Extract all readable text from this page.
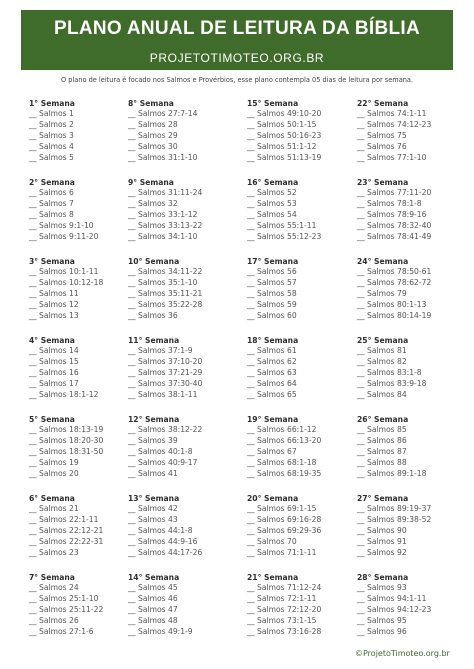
PLANO ANUAL DE LEITURA DA BÍBLIA
PROJETOTIMOTEO.ORG.BR
O plano de leitura é focado nos Salmos e Provérbios, esse plano contempla 05 dias de leitura por semana.
1° Semana
__ Salmos 1
__ Salmos 2
__ Salmos 3
__ Salmos 4
__ Salmos 5
2° Semana
__ Salmos 6
__ Salmos 7
__ Salmos 8
__ Salmos 9:1-10
__ Salmos 9:11-20
3° Semana
__ Salmos 10:1-11
__ Salmos 10:12-18
__ Salmos 11
__ Salmos 12
__ Salmos 13
4° Semana
__ Salmos 14
__ Salmos 15
__ Salmos 16
__ Salmos 17
__ Salmos 18:1-12
5° Semana
__ Salmos 18:13-19
__ Salmos 18:20-30
__ Salmos 18:31-50
__ Salmos 19
__ Salmos 20
6° Semana
__ Salmos 21
__ Salmos 22:1-11
__ Salmos 22:12-21
__ Salmos 22:22-31
__ Salmos 23
7° Semana
__ Salmos 24
__ Salmos 25:1-10
__ Salmos 25:11-22
__ Salmos 26
__ Salmos 27:1-6
8° Semana
__ Salmos 27:7-14
__ Salmos 28
__ Salmos 29
__ Salmos 30
__ Salmos 31:1-10
9° Semana
__ Salmos 31:11-24
__ Salmos 32
__ Salmos 33:1-12
__ Salmos 33:13-22
__ Salmos 34:1-10
10° Semana
__ Salmos 34:11-22
__ Salmos 35:1-10
__ Salmos 35:11-21
__ Salmos 35:22-28
__ Salmos 36
11° Semana
__ Salmos 37:1-9
__ Salmos 37:10-20
__ Salmos 37:21-29
__ Salmos 37:30-40
__ Salmos 38:1-11
12° Semana
__ Salmos 38:12-22
__ Salmos 39
__ Salmos 40:1-8
__ Salmos 40:9-17
__ Salmos 41
13° Semana
__ Salmos 42
__ Salmos 43
__ Salmos 44:1-8
__ Salmos 44:9-16
__ Salmos 44:17-26
14° Semana
__ Salmos 45
__ Salmos 46
__ Salmos 47
__ Salmos 48
__ Salmos 49:1-9
15° Semana
__ Salmos 49:10-20
__ Salmos 50:1-15
__ Salmos 50:16-23
__ Salmos 51:1-12
__ Salmos 51:13-19
16° Semana
__ Salmos 52
__ Salmos 53
__ Salmos 54
__ Salmos 55:1-11
__ Salmos 55:12-23
17° Semana
__ Salmos 56
__ Salmos 57
__ Salmos 58
__ Salmos 59
__ Salmos 60
18° Semana
__ Salmos 61
__ Salmos 62
__ Salmos 63
__ Salmos 64
__ Salmos 65
19° Semana
__ Salmos 66:1-12
__ Salmos 66:13-20
__ Salmos 67
__ Salmos 68:1-18
__ Salmos 68:19-35
20° Semana
__ Salmos 69:1-15
__ Salmos 69:16-28
__ Salmos 69:29-36
__ Salmos 70
__ Salmos 71:1-11
21° Semana
__ Salmos 71:12-24
__ Salmos 72:1-11
__ Salmos 72:12-20
__ Salmos 73:1-15
__ Salmos 73:16-28
22° Semana
__ Salmos 74:1-11
__ Salmos 74:12-23
__ Salmos 75
__ Salmos 76
__ Salmos 77:1-10
23° Semana
__ Salmos 77:11-20
__ Salmos 78:1-8
__ Salmos 78:9-16
__ Salmos 78:32-40
__ Salmos 78:41-49
24° Semana
__ Salmos 78:50-61
__ Salmos 78:62-72
__ Salmos 79
__ Salmos 80:1-13
__ Salmos 80:14-19
25° Semana
__ Salmos 81
__ Salmos 82
__ Salmos 83:1-8
__ Salmos 83:9-18
__ Salmos 84
26° Semana
__ Salmos 85
__ Salmos 86
__ Salmos 87
__ Salmos 88
__ Salmos 89:1-18
27° Semana
__ Salmos 89:19-37
__ Salmos 89:38-52
__ Salmos 90
__ Salmos 91
__ Salmos 92
28° Semana
__ Salmos 93
__ Salmos 94:1-11
__ Salmos 94:12-23
__ Salmos 95
__ Salmos 96
©ProjetoTimoteo.org.br
